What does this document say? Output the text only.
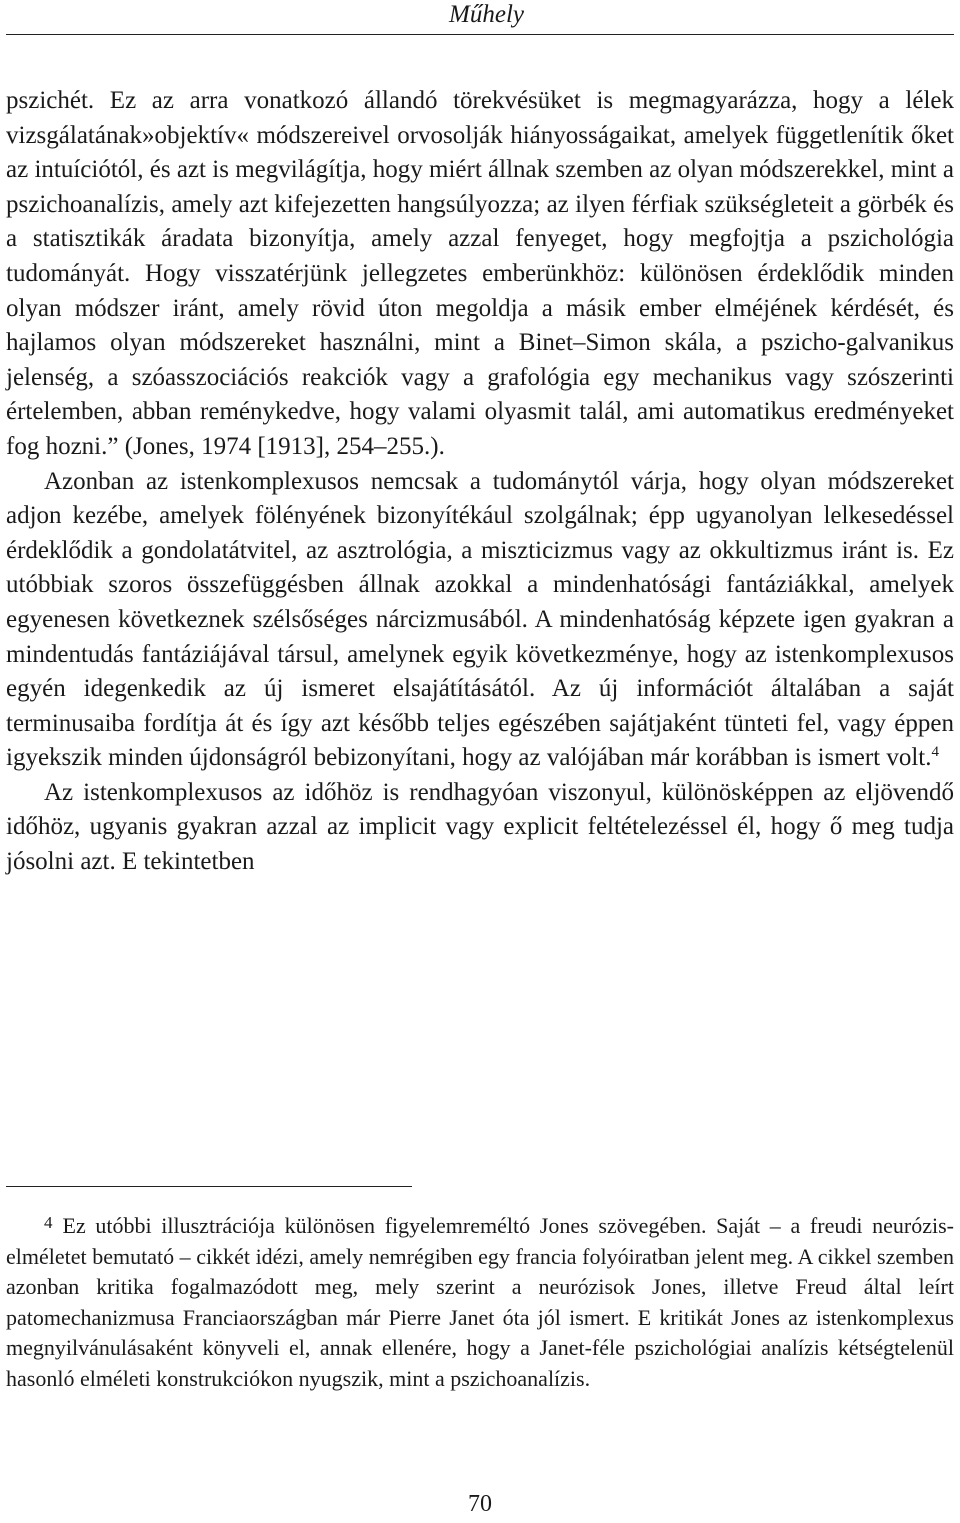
Műhely

pszichét. Ez az arra vonatkozó állandó törekvésüket is megmagyarázza, hogy a lélek vizsgálatának»objektív« módszereivel orvosolják hiányosságaikat, amelyek függetlenítik őket az intuíciótól, és azt is megvilágítja, hogy miért állnak szemben az olyan módszerekkel, mint a pszichoanalízis, amely azt kifejezetten hangsúlyozza; az ilyen férfiak szükségleteit a görbék és a statisztikák áradata bizonyítja, amely azzal fenyeget, hogy megfojtja a pszichológia tudományát. Hogy visszatérjünk jellegzetes emberünkhöz: különösen érdeklődik minden olyan módszer iránt, amely rövid úton megoldja a másik ember elméjének kérdését, és hajlamos olyan módszereket használni, mint a Binet–Simon skála, a pszicho-galvanikus jelenség, a szóasszociációs reakciók vagy a grafológia egy mechanikus vagy szószerinti értelemben, abban reménykedve, hogy valami olyasmit talál, ami automatikus eredményeket fog hozni.” (Jones, 1974 [1913], 254–255.).

Azonban az istenkomplexusos nemcsak a tudománytól várja, hogy olyan módszereket adjon kezébe, amelyek fölényének bizonyítékául szolgálnak; épp ugyanolyan lelkesedéssel érdeklődik a gondolatátvitel, az asztrológia, a miszticizmus vagy az okkultizmus iránt is. Ez utóbbiak szoros összefüggésben állnak azokkal a mindenhatósági fantáziákkal, amelyek egyenesen következnek szélsőséges nárcizmusából. A mindenhatóság képzete igen gyakran a mindentudás fantáziájával társul, amelynek egyik következménye, hogy az istenkomplexusos egyén idegenkedik az új ismeret elsajátításától. Az új információt általában a saját terminusaiba fordítja át és így azt később teljes egészében sajátjaként tünteti fel, vagy éppen igyekszik minden újdonságról bebizonyítani, hogy az valójában már korábban is ismert volt.$^4$

Az istenkomplexusos az időhöz is rendhagyóan viszonyul, különösképpen az eljövendő időhöz, ugyanis gyakran azzal az implicit vagy explicit feltételezéssel él, hogy ő meg tudja jósolni azt. E tekintetben

$^4$ Ez utóbbi illusztrációja különösen figyelemreméltó Jones szövegében. Saját – a freudi neuróziselméletet bemutató – cikkét idézi, amely nemrégiben egy francia folyóiratban jelent meg. A cikkel szemben azonban kritika fogalmazódott meg, mely szerint a neurózisok Jones, illetve Freud által leírt patomechanizmusa Franciaországban már Pierre Janet óta jól ismert. E kritikát Jones az istenkomplexus megnyilvánulásaként könyveli el, annak ellenére, hogy a Janet-féle pszichológiai analízis kétségtelenül hasonló elméleti konstrukciókon nyugszik, mint a pszichoanalízis.

70
